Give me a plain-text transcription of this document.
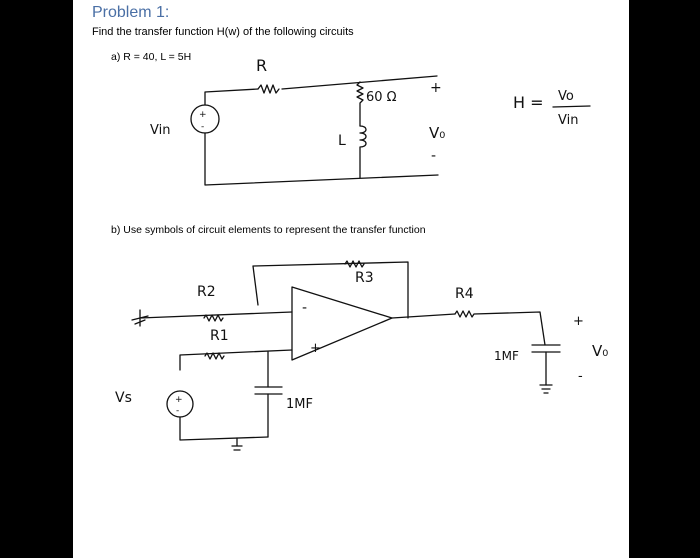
Problem 1:
Find the transfer function H(w) of the following circuits
a) R = 40, L = 5H
b) Use symbols of circuit elements to represent the transfer function
+
-
R
60 Ω
+
V₀
-
Vin
L
H = Vo
Vin
+
-
R2
R1
R3
R4
-
+
1MF
1MF
Vs
+
V₀
-
